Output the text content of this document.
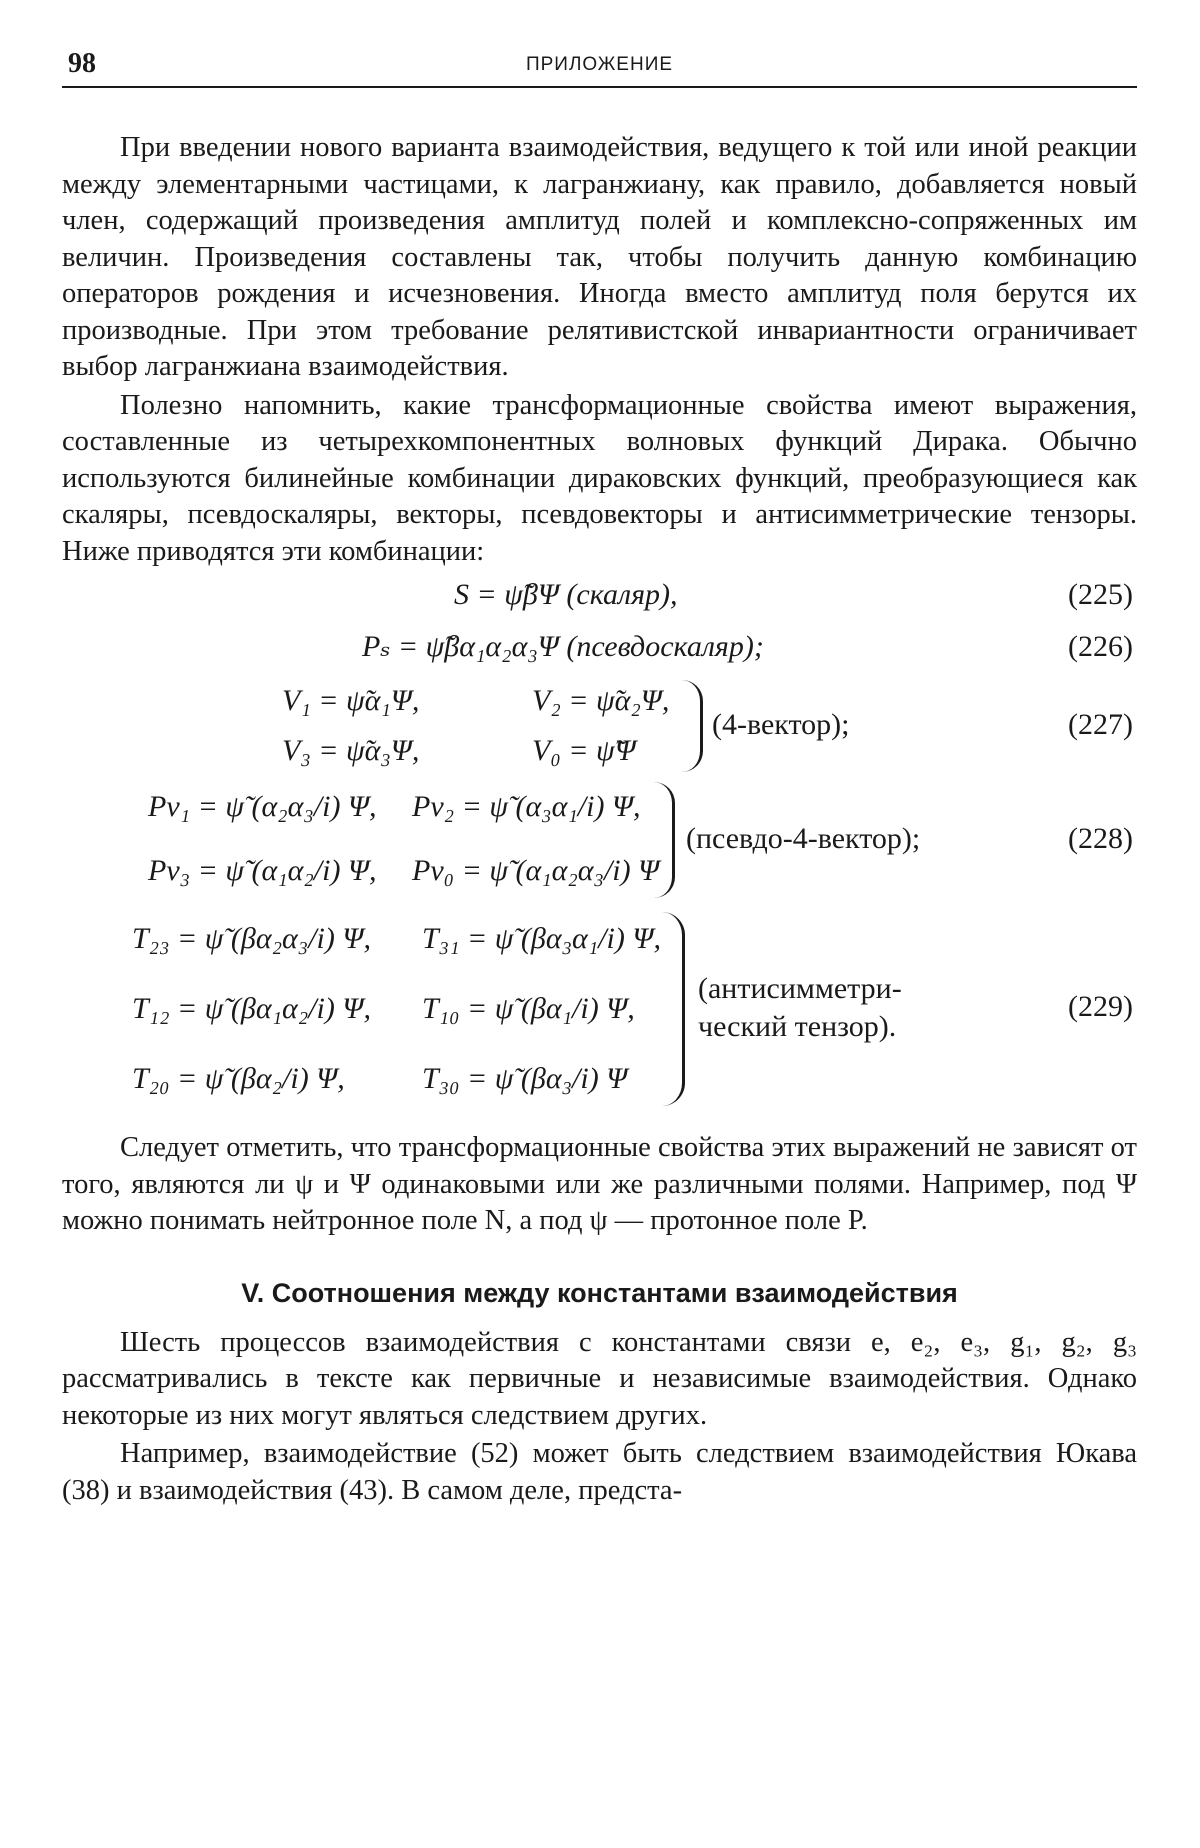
98	ПРИЛОЖЕНИЕ

При введении нового варианта взаимодействия, ведущего к той или иной реакции между элементарными частицами, к лагранжиану, как правило, добавляется новый член, содержащий произведения амплитуд полей и комплексно-сопряженных им величин. Произведения составлены так, чтобы получить данную комбинацию операторов рождения и исчезновения. Иногда вместо амплитуд поля берутся их производные. При этом требование релятивистской инвариантности ограничивает выбор лагранжиана взаимодействия.

Полезно напомнить, какие трансформационные свойства имеют выражения, составленные из четырехкомпонентных волновых функций Дирака. Обычно используются билинейные комбинации дираковских функций, преобразующиеся как скаляры, псевдоскаляры, векторы, псевдовекторы и антисимметрические тензоры. Ниже приводятся эти комбинации:

S = ψ̃βΨ (скаляр),	(225)
Pₛ = ψ̃βα₁α₂α₃Ψ (псевдоскаляр);	(226)
V₁ = ψ̃α₁Ψ,	V₂ = ψ̃α₂Ψ,
V₃ = ψ̃α₃Ψ,	V₀ = ψ̃Ψ
(4-вектор);	(227)
Pv₁ = ψ̃ (α₂α₃/i) Ψ, Pv₂ = ψ̃ (α₃α₁/i) Ψ,
Pv₃ = ψ̃ (α₁α₂/i) Ψ, Pv₀ = ψ̃ (α₁α₂α₃/i) Ψ
(псевдо-4-вектор);	(228)
T₂₃ = ψ̃ (βα₂α₃/i) Ψ, T₃₁ = ψ̃ (βα₃α₁/i) Ψ,
T₁₂ = ψ̃ (βα₁α₂/i) Ψ, T₁₀ = ψ̃ (βα₁/i) Ψ,
T₂₀ = ψ̃ (βα₂/i) Ψ,	T₃₀ = ψ̃ (βα₃/i) Ψ
(антисимметри-
ческий тензор).
(229)

Следует отметить, что трансформационные свойства этих выражений не зависят от того, являются ли ψ и Ψ одинаковыми или же различными полями. Например, под Ψ можно понимать нейтронное поле N, а под ψ — протонное поле P.

V. Соотношения между константами взаимодействия

Шесть процессов взаимодействия с константами связи e, e₂, e₃, g₁, g₂, g₃ рассматривались в тексте как первичные и независимые взаимодействия. Однако некоторые из них могут являться следствием других.

Например, взаимодействие (52) может быть следствием взаимодействия Юкава (38) и взаимодействия (43). В самом деле, предста-
